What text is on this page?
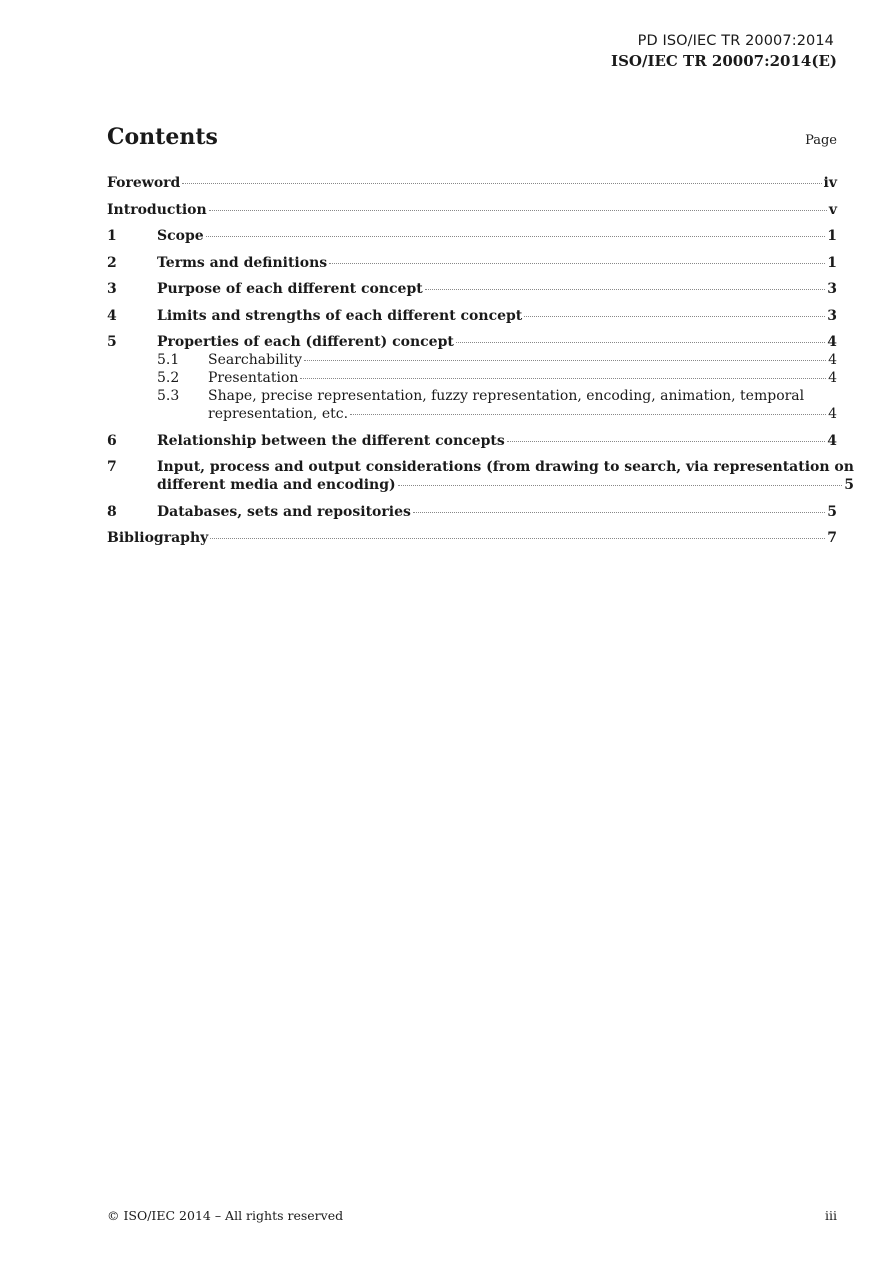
PD ISO/IEC TR 20007:2014
ISO/IEC TR 20007:2014(E)
Contents	Page
Foreword	iv
Introduction	v
1	Scope	1
2	Terms and definitions	1
3	Purpose of each different concept	3
4	Limits and strengths of each different concept	3
5	Properties of each (different) concept	4
5.1	Searchability	4
5.2	Presentation	4
5.3	Shape, precise representation, fuzzy representation, encoding, animation, temporal
representation, etc.	4
6	Relationship between the different concepts	4
7	Input, process and output considerations (from drawing to search, via representation on
different media and encoding)	5
8	Databases, sets and repositories	5
Bibliography	7
© ISO/IEC 2014 – All rights reserved	iii
